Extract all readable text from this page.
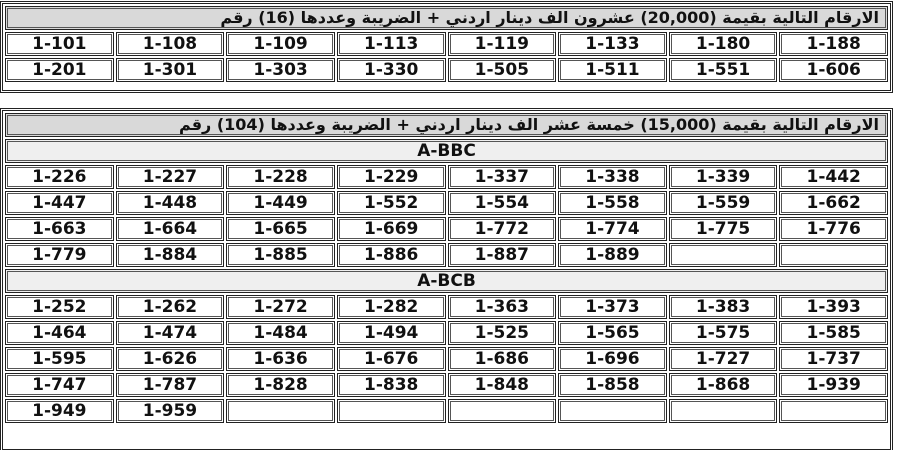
الارقام التالية بقيمة (20,000) عشرون الف دينار اردني + الضريبة وعددها (16) رقم							
1-101	1-108	1-109	1-113	1-119	1-133	1-180	1-188
1-201	1-301	1-303	1-330	1-505	1-511	1-551	1-606
الارقام التالية بقيمة (15,000) خمسة عشر الف دينار اردني + الضريبة وعددها (104) رقم							
A-BBC							
1-226	1-227	1-228	1-229	1-337	1-338	1-339	1-442
1-447	1-448	1-449	1-552	1-554	1-558	1-559	1-662
1-663	1-664	1-665	1-669	1-772	1-774	1-775	1-776
1-779	1-884	1-885	1-886	1-887	1-889		
A-BCB							
1-252	1-262	1-272	1-282	1-363	1-373	1-383	1-393
1-464	1-474	1-484	1-494	1-525	1-565	1-575	1-585
1-595	1-626	1-636	1-676	1-686	1-696	1-727	1-737
1-747	1-787	1-828	1-838	1-848	1-858	1-868	1-939
1-949	1-959						
